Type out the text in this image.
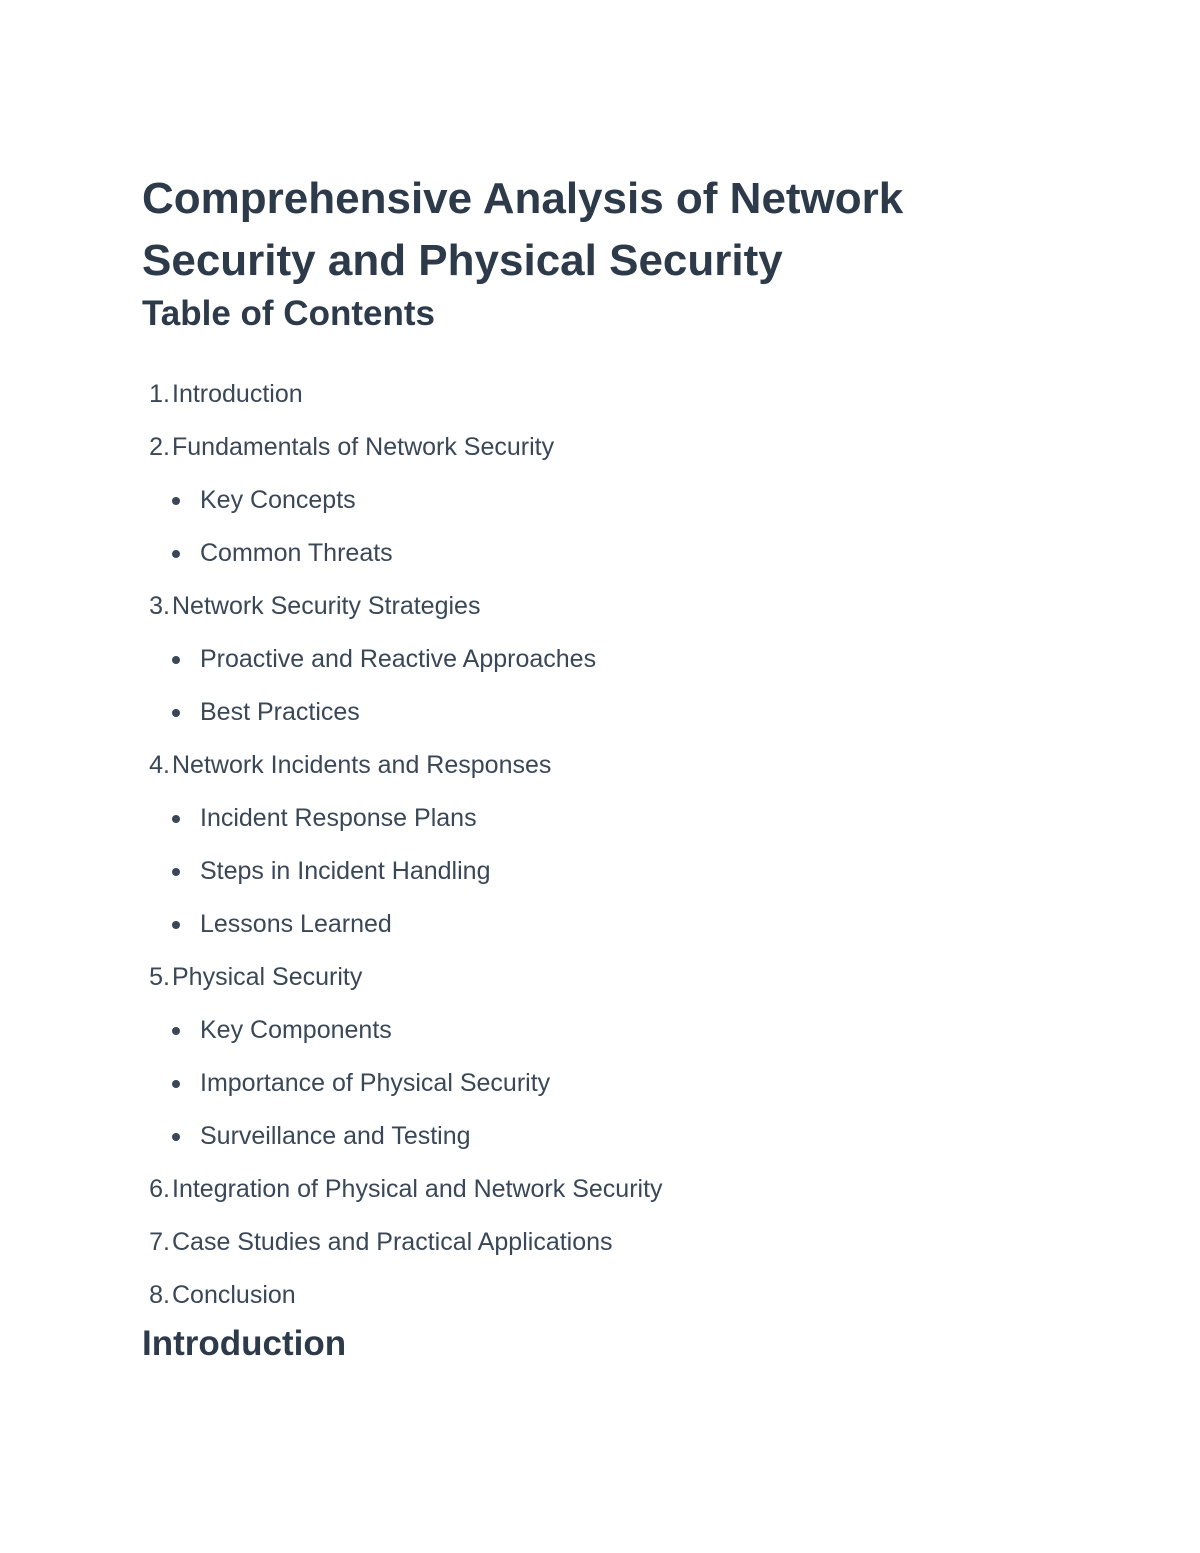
Comprehensive Analysis of Network Security and Physical Security
Table of Contents
1. Introduction
2. Fundamentals of Network Security
Key Concepts
Common Threats
3. Network Security Strategies
Proactive and Reactive Approaches
Best Practices
4. Network Incidents and Responses
Incident Response Plans
Steps in Incident Handling
Lessons Learned
5. Physical Security
Key Components
Importance of Physical Security
Surveillance and Testing
6. Integration of Physical and Network Security
7. Case Studies and Practical Applications
8. Conclusion
Introduction
